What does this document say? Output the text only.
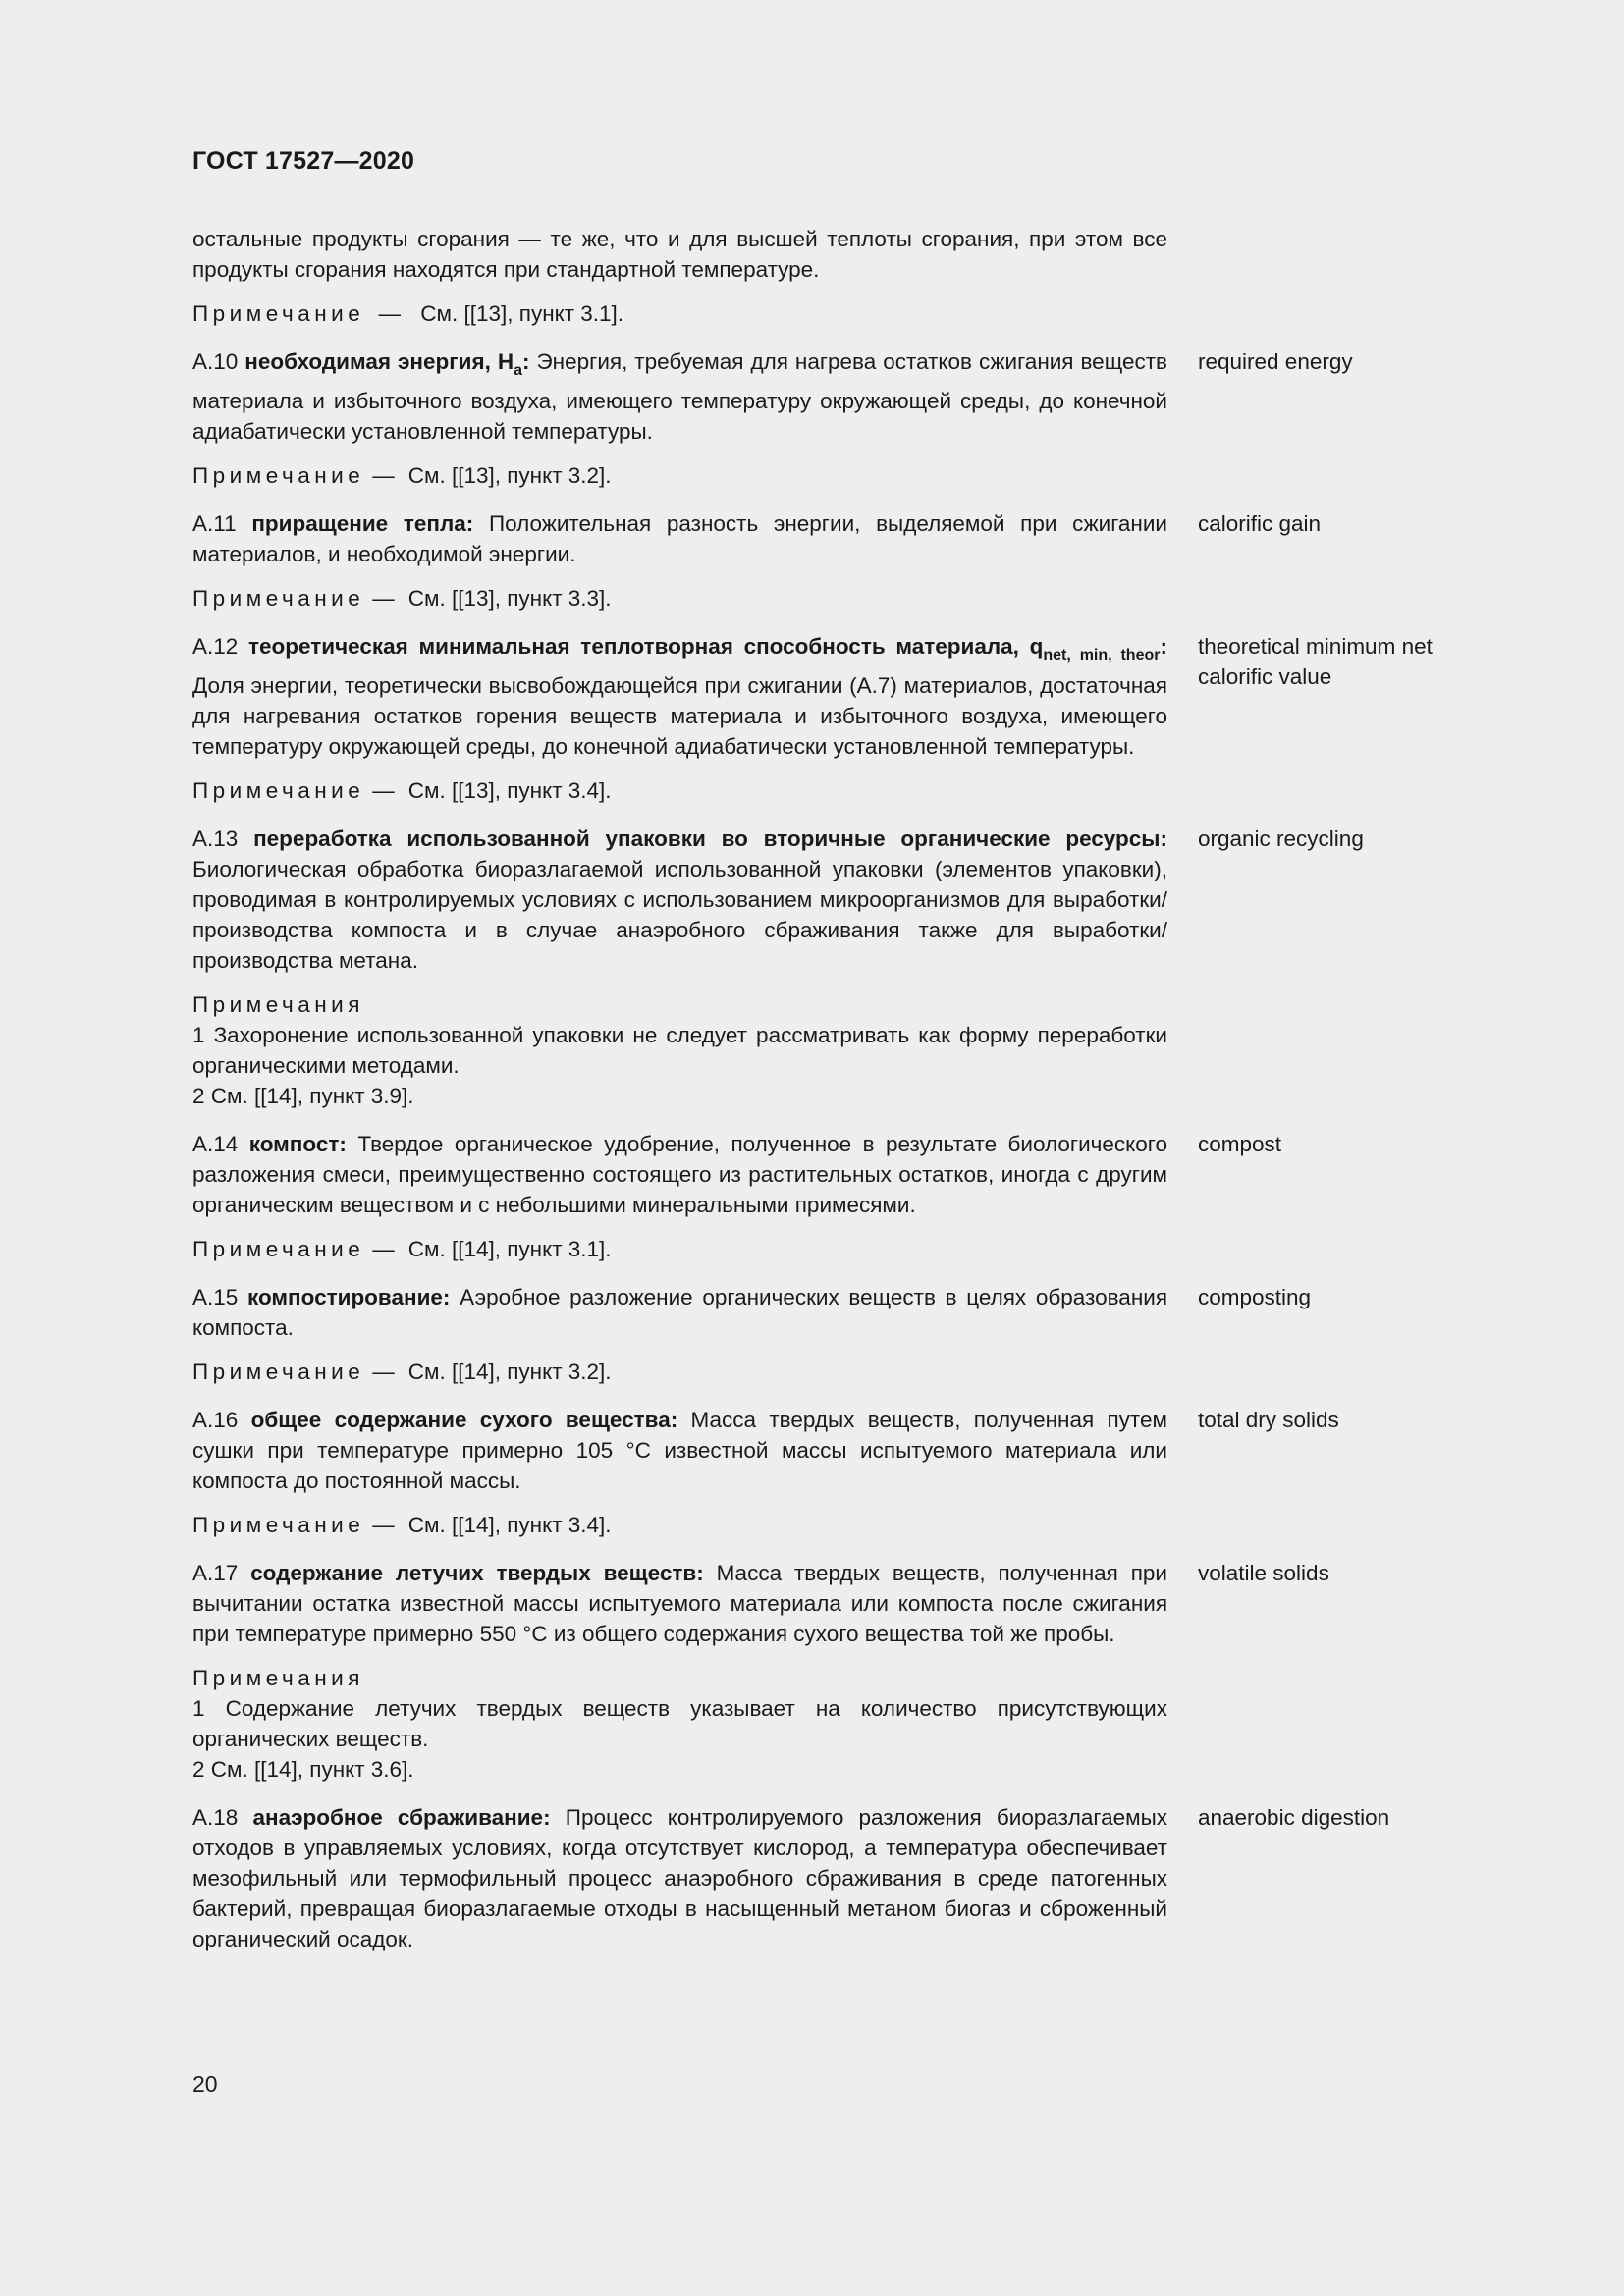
ГОСТ 17527—2020

остальные продукты сгорания — те же, что и для высшей теплоты сгорания, при этом все продукты сгорания находятся при стандартной температуре.

Примечание — См. [[13], пункт 3.1].

А.10 необходимая энергия, $H_a$: Энергия, требуемая для нагрева остатков сжигания веществ материала и избыточного воздуха, имеющего температуру окружающей среды, до конечной адиабатически установленной температуры.

required energy
Примечание — См. [[13], пункт 3.2].

А.11 приращение тепла: Положительная разность энергии, выделяемой при сжигании материалов, и необходимой энергии.

calorific gain
Примечание — См. [[13], пункт 3.3].

А.12 теоретическая минимальная теплотворная способность материала, $q_{net, min, theor}$: Доля энергии, теоретически высвобождающейся при сжигании (А.7) материалов, достаточная для нагревания остатков горения веществ материала и избыточного воздуха, имеющего температуру окружающей среды, до конечной адиабатически установленной температуры.

theoretical minimum net calorific value
Примечание — См. [[13], пункт 3.4].

А.13 переработка использованной упаковки во вторичные органические ресурсы: Биологическая обработка биоразлагаемой использованной упаковки (элементов упаковки), проводимая в контролируемых условиях с использованием микроорганизмов для выработки/производства компоста и в случае анаэробного сбраживания также для выработки/производства метана.

organic recycling
Примечания
1 Захоронение использованной упаковки не следует рассматривать как форму переработки органическими методами.
2 См. [[14], пункт 3.9].

А.14 компост: Твердое органическое удобрение, полученное в результате биологического разложения смеси, преимущественно состоящего из растительных остатков, иногда с другим органическим веществом и с небольшими минеральными примесями.

compost
Примечание — См. [[14], пункт 3.1].

А.15 компостирование: Аэробное разложение органических веществ в целях образования компоста.

composting
Примечание — См. [[14], пункт 3.2].

А.16 общее содержание сухого вещества: Масса твердых веществ, полученная путем сушки при температуре примерно 105 °С известной массы испытуемого материала или компоста до постоянной массы.

total dry solids
Примечание — См. [[14], пункт 3.4].

А.17 содержание летучих твердых веществ: Масса твердых веществ, полученная при вычитании остатка известной массы испытуемого материала или компоста после сжигания при температуре примерно 550 °С из общего содержания сухого вещества той же пробы.

volatile solids
Примечания
1 Содержание летучих твердых веществ указывает на количество присутствующих органических веществ.
2 См. [[14], пункт 3.6].

А.18 анаэробное сбраживание: Процесс контролируемого разложения биоразлагаемых отходов в управляемых условиях, когда отсутствует кислород, а температура обеспечивает мезофильный или термофильный процесс анаэробного сбраживания в среде патогенных бактерий, превращая биоразлагаемые отходы в насыщенный метаном биогаз и сброженный органический осадок.

anaerobic digestion
20
